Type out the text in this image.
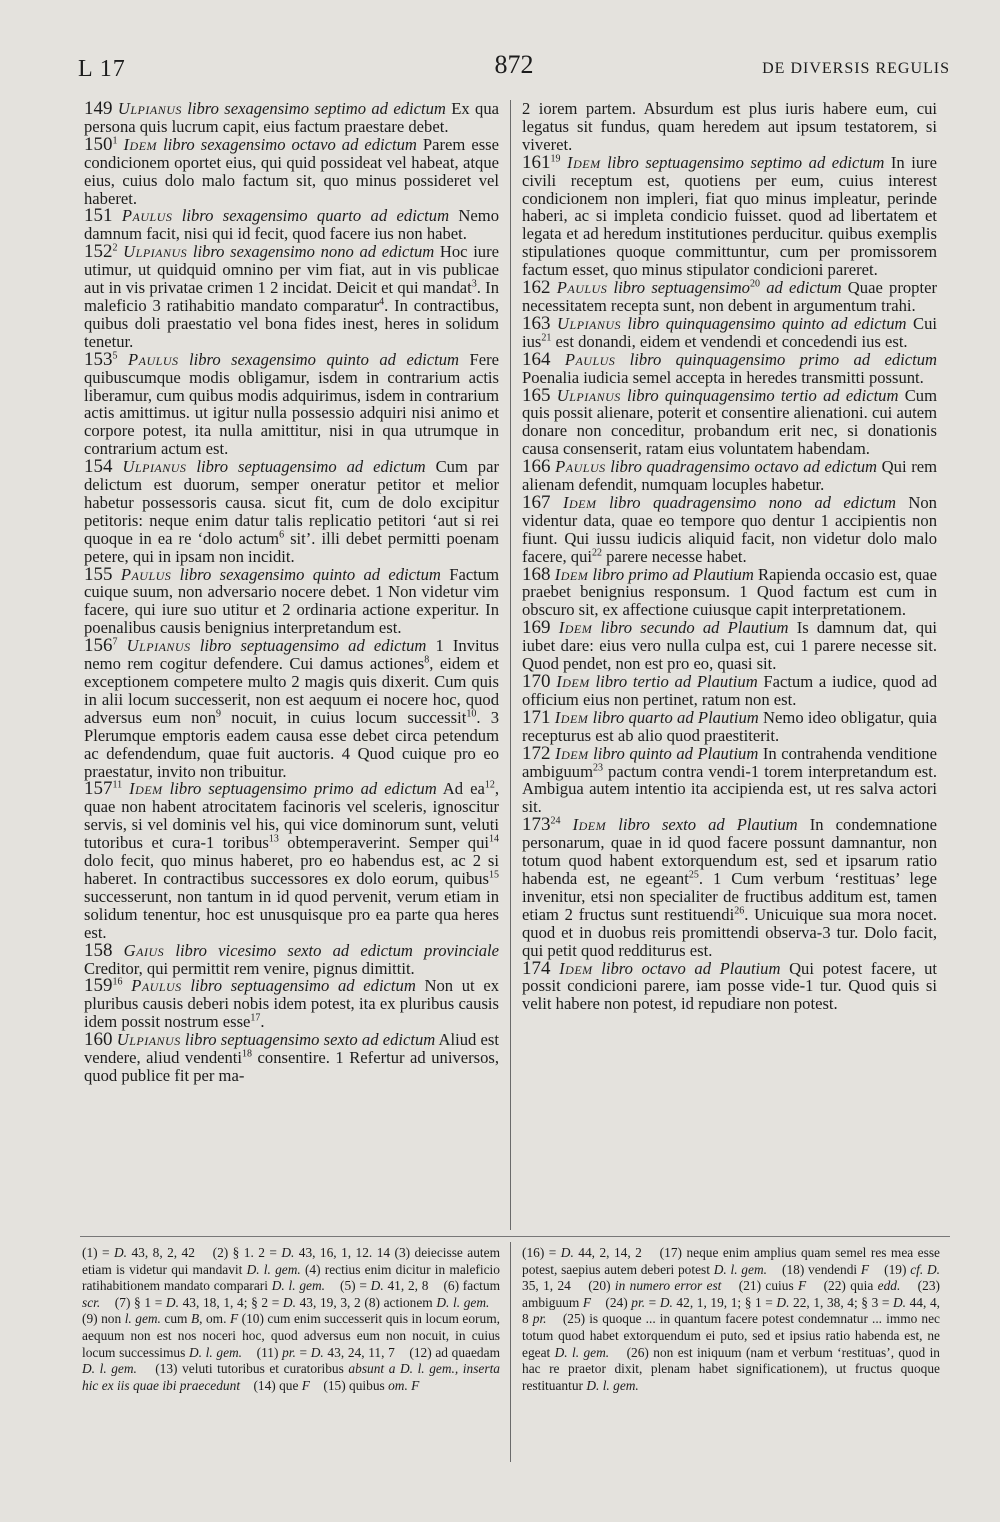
L 17	872	DE DIVERSIS REGULIS

149 Ulpianus libro sexagensimo septimo ad edictum Ex qua persona quis lucrum capit, eius factum praestare debet.

$150^1$ Idem libro sexagensimo octavo ad edictum Parem esse condicionem oportet eius, qui quid possideat vel habeat, atque eius, cuius dolo malo factum sit, quo minus possideret vel haberet.

151 Paulus libro sexagensimo quarto ad edictum Nemo damnum facit, nisi qui id fecit, quod facere ius non habet.

$152^2$ Ulpianus libro sexagensimo nono ad edictum Hoc iure utimur, ut quidquid omnino per vim fiat, aut in vis publicae aut in vis privatae crimen 1 2 incidat. Deicit et qui mandat$^3$. In maleficio 3 ratihabitio mandato comparatur$^4$. In contractibus, quibus doli praestatio vel bona fides inest, heres in solidum tenetur.

$153^5$ Paulus libro sexagensimo quinto ad edictum Fere quibuscumque modis obligamur, isdem in contrarium actis liberamur, cum quibus modis adquirimus, isdem in contrarium actis amittimus. ut igitur nulla possessio adquiri nisi animo et corpore potest, ita nulla amittitur, nisi in qua utrumque in contrarium actum est.

154 Ulpianus libro septuagensimo ad edictum Cum par delictum est duorum, semper oneratur petitor et melior habetur possessoris causa. sicut fit, cum de dolo excipitur petitoris: neque enim datur talis replicatio petitori ‘aut si rei quoque in ea re ‘dolo actum$^6$ sit’. illi debet permitti poenam petere, qui in ipsam non incidit.

155 Paulus libro sexagensimo quinto ad edictum Factum cuique suum, non adversario nocere debet. 1 Non videtur vim facere, qui iure suo utitur et 2 ordinaria actione experitur. In poenalibus causis benignius interpretandum est.

$156^7$ Ulpianus libro septuagensimo ad edictum 1 Invitus nemo rem cogitur defendere. Cui damus actiones$^8$, eidem et exceptionem competere multo 2 magis quis dixerit. Cum quis in alii locum successerit, non est aequum ei nocere hoc, quod adversus eum non$^9$ nocuit, in cuius locum successit$^{10}$. 3 Plerumque emptoris eadem causa esse debet circa petendum ac defendendum, quae fuit auctoris. 4 Quod cuique pro eo praestatur, invito non tribuitur.

$157^{11}$ Idem libro septuagensimo primo ad edictum Ad $ea^{12}$, quae non habent atrocitatem facinoris vel sceleris, ignoscitur servis, si vel dominis vel his, qui vice dominorum sunt, veluti tutoribus et cura-1 toribus$^{13}$ obtemperaverint. Semper qui$^{14}$ dolo fecit, quo minus haberet, pro eo habendus est, ac 2 si haberet. In contractibus successores ex dolo eorum, quibus$^{15}$ successerunt, non tantum in id quod pervenit, verum etiam in solidum tenentur, hoc est unusquisque pro ea parte qua heres est.

158 Gaius libro vicesimo sexto ad edictum provinciale Creditor, qui permittit rem venire, pignus dimittit.

$159^{16}$ Paulus libro septuagensimo ad edictum Non ut ex pluribus causis deberi nobis idem potest, ita ex pluribus causis idem possit nostrum esse$^{17}$.

160 Ulpianus libro septuagensimo sexto ad edictum Aliud est vendere, aliud vendenti$^{18}$ consentire. 1 Refertur ad universos, quod publice fit per ma-

2 iorem partem. Absurdum est plus iuris habere eum, cui legatus sit fundus, quam heredem aut ipsum testatorem, si viveret.

$161^{19}$ Idem libro septuagensimo septimo ad edictum In iure civili receptum est, quotiens per eum, cuius interest condicionem non impleri, fiat quo minus impleatur, perinde haberi, ac si impleta condicio fuisset. quod ad libertatem et legata et ad heredum institutiones perducitur. quibus exemplis stipulationes quoque committuntur, cum per promissorem factum esset, quo minus stipulator condicioni pareret.

162 Paulus libro septuagensimo$^{20}$ ad edictum Quae propter necessitatem recepta sunt, non debent in argumentum trahi.

163 Ulpianus libro quinquagensimo quinto ad edictum Cui ius$^{21}$ est donandi, eidem et vendendi et concedendi ius est.

164 Paulus libro quinquagensimo primo ad edictum Poenalia iudicia semel accepta in heredes transmitti possunt.

165 Ulpianus libro quinquagensimo tertio ad edictum Cum quis possit alienare, poterit et consentire alienationi. cui autem donare non conceditur, probandum erit nec, si donationis causa consenserit, ratam eius voluntatem habendam.

166 Paulus libro quadragensimo octavo ad edictum Qui rem alienam defendit, numquam locuples habetur.

167 Idem libro quadragensimo nono ad edictum Non videntur data, quae eo tempore quo dentur 1 accipientis non fiunt. Qui iussu iudicis aliquid facit, non videtur dolo malo facere, qui$^{22}$ parere necesse habet.

168 Idem libro primo ad Plautium Rapienda occasio est, quae praebet benignius responsum. 1 Quod factum est cum in obscuro sit, ex affectione cuiusque capit interpretationem.

169 Idem libro secundo ad Plautium Is damnum dat, qui iubet dare: eius vero nulla culpa est, cui 1 parere necesse sit. Quod pendet, non est pro eo, quasi sit.

170 Idem libro tertio ad Plautium Factum a iudice, quod ad officium eius non pertinet, ratum non est.

171 Idem libro quarto ad Plautium Nemo ideo obligatur, quia recepturus est ab alio quod praestiterit.

172 Idem libro quinto ad Plautium In contrahenda venditione ambiguum$^{23}$ pactum contra vendi-1 torem interpretandum est. Ambigua autem intentio ita accipienda est, ut res salva actori sit.

$173^{24}$ Idem libro sexto ad Plautium In condemnatione personarum, quae in id quod facere possunt damnantur, non totum quod habent extorquendum est, sed et ipsarum ratio habenda est, ne egeant$^{25}$. 1 Cum verbum ‘restituas’ lege invenitur, etsi non specialiter de fructibus additum est, tamen etiam 2 fructus sunt restituendi$^{26}$. Unicuique sua mora nocet. quod et in duobus reis promittendi observa-3 tur. Dolo facit, qui petit quod redditurus est.

174 Idem libro octavo ad Plautium Qui potest facere, ut possit condicioni parere, iam posse vide-1 tur. Quod quis si velit habere non potest, id repudiare non potest.

(1) = D. 43, 8, 2, 42    (2) § 1. 2 = D. 43, 16, 1, 12. 14 (3) deiecisse autem etiam is videtur qui mandavit D. l. gem. (4) rectius enim dicitur in maleficio ratihabitionem mandato comparari D. l. gem.    (5) = D. 41, 2, 8    (6) factum scr.    (7) § 1 = D. 43, 18, 1, 4; § 2 = D. 43, 19, 3, 2 (8) actionem D. l. gem.    (9) non l. gem. cum B, om. F (10) cum enim successerit quis in locum eorum, aequum non est nos noceri hoc, quod adversus eum non nocuit, in cuius locum successimus D. l. gem.    (11) pr. = D. 43, 24, 11, 7    (12) ad quaedam D. l. gem.    (13) veluti tutoribus et curatoribus absunt a D. l. gem., inserta hic ex iis quae ibi praecedunt    (14) que F    (15) quibus om. F

(16) = D. 44, 2, 14, 2    (17) neque enim amplius quam semel res mea esse potest, saepius autem deberi potest D. l. gem.    (18) vendendi F    (19) cf. D. 35, 1, 24    (20) in numero error est    (21) cuius F    (22) quia edd.    (23) ambiguum F    (24) pr. = D. 42, 1, 19, 1; § 1 = D. 22, 1, 38, 4; § 3 = D. 44, 4, 8 pr.    (25) is quoque ... in quantum facere potest condemnatur ... immo nec totum quod habet extorquendum ei puto, sed et ipsius ratio habenda est, ne egeat D. l. gem.    (26) non est iniquum (nam et verbum ‘restituas’, quod in hac re praetor dixit, plenam habet significationem), ut fructus quoque restituantur D. l. gem.
